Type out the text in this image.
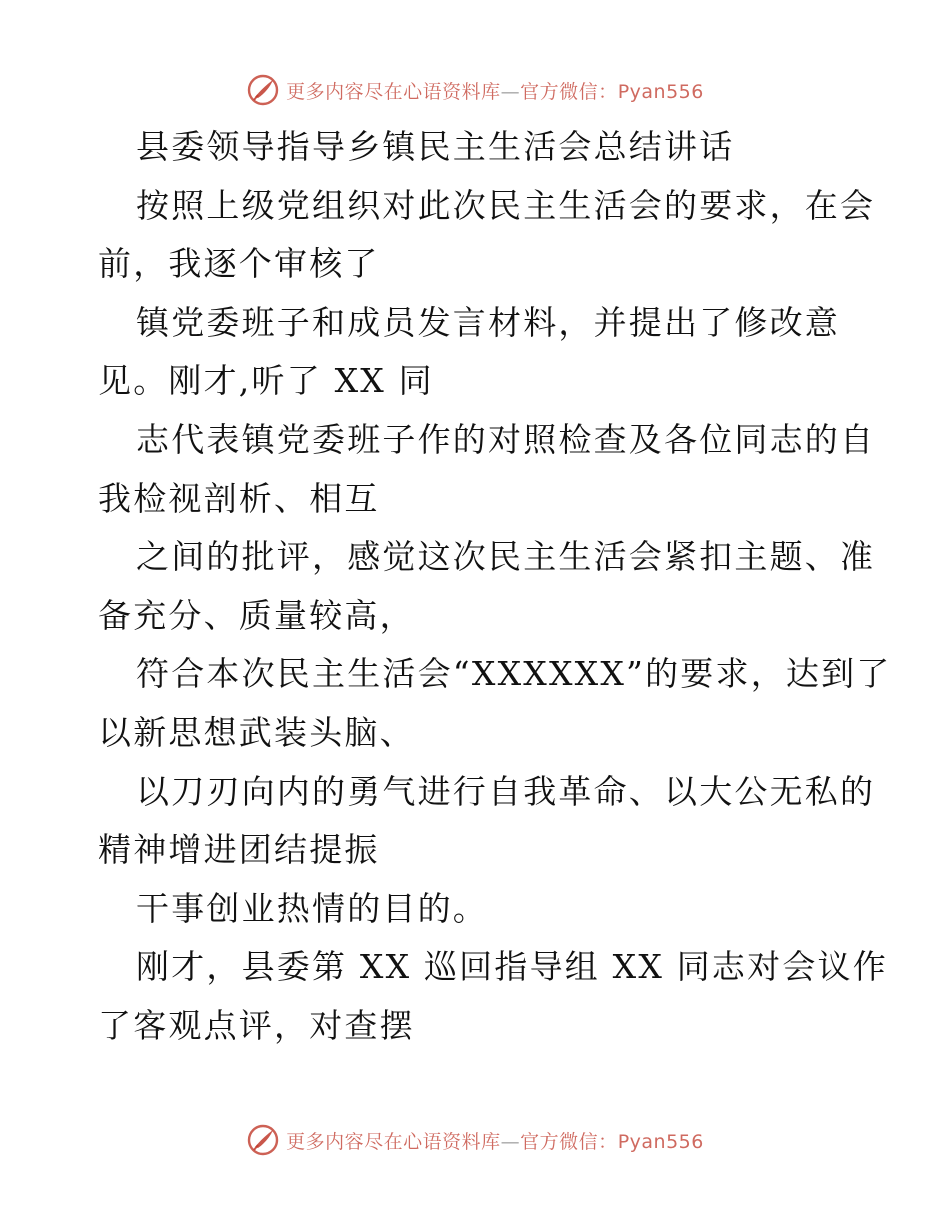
更多内容尽在心语资料库—官方微信：Pyan556
县委领导指导乡镇民主生活会总结讲话
按照上级党组织对此次民主生活会的要求，在会
前，我逐个审核了
镇党委班子和成员发言材料，并提出了修改意
见。刚才,听了 XX 同
志代表镇党委班子作的对照检查及各位同志的自
我检视剖析、相互
之间的批评，感觉这次民主生活会紧扣主题、准
备充分、质量较高，
符合本次民主生活会“XXXXXX”的要求，达到了
以新思想武装头脑、
以刀刃向内的勇气进行自我革命、以大公无私的
精神增进团结提振
干事创业热情的目的。
刚才，县委第 XX 巡回指导组 XX 同志对会议作
了客观点评，对查摆
更多内容尽在心语资料库—官方微信：Pyan556
